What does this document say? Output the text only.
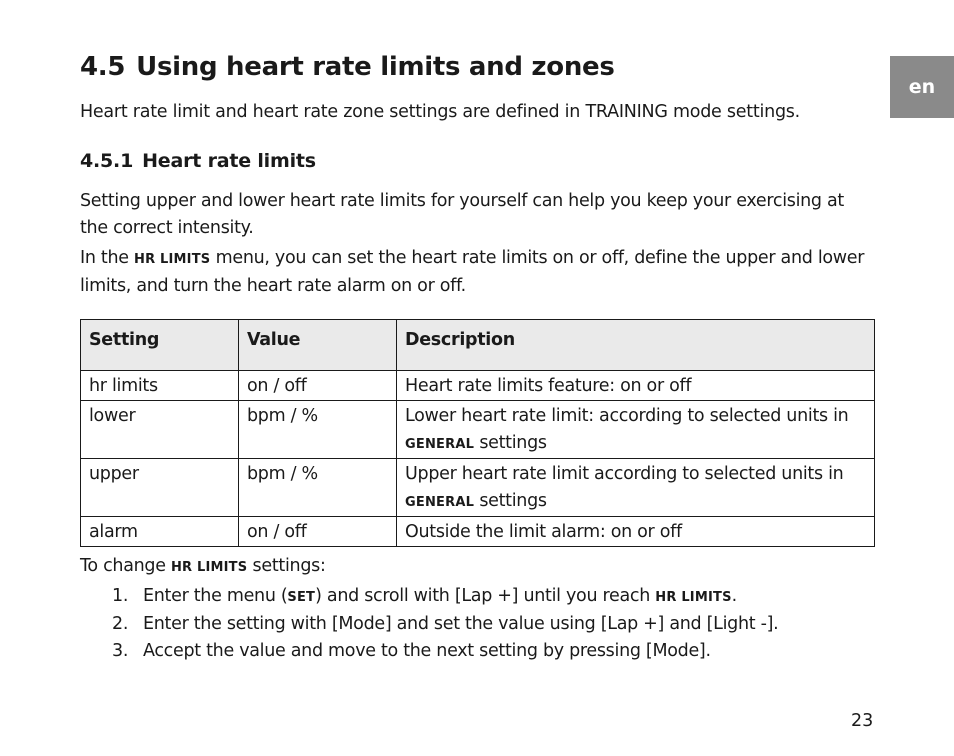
en
4.5 Using heart rate limits and zones

Heart rate limit and heart rate zone settings are defined in TRAINING mode settings.

4.5.1 Heart rate limits

Setting upper and lower heart rate limits for yourself can help you keep your exercising at the correct intensity.

In the HR LIMITS menu, you can set the heart rate limits on or off, define the upper and lower limits, and turn the heart rate alarm on or off.

Setting	Value	Description
hr limits	on / off	Heart rate limits feature: on or off
lower	bpm / %	Lower heart rate limit: according to selected units in GENERAL settings
upper	bpm / %	Upper heart rate limit according to selected units in GENERAL settings
alarm	on / off	Outside the limit alarm: on or off

To change HR LIMITS settings:

1. Enter the menu (SET) and scroll with [Lap +] until you reach HR LIMITS.
2. Enter the setting with [Mode] and set the value using [Lap +] and [Light -].
3. Accept the value and move to the next setting by pressing [Mode].
23
